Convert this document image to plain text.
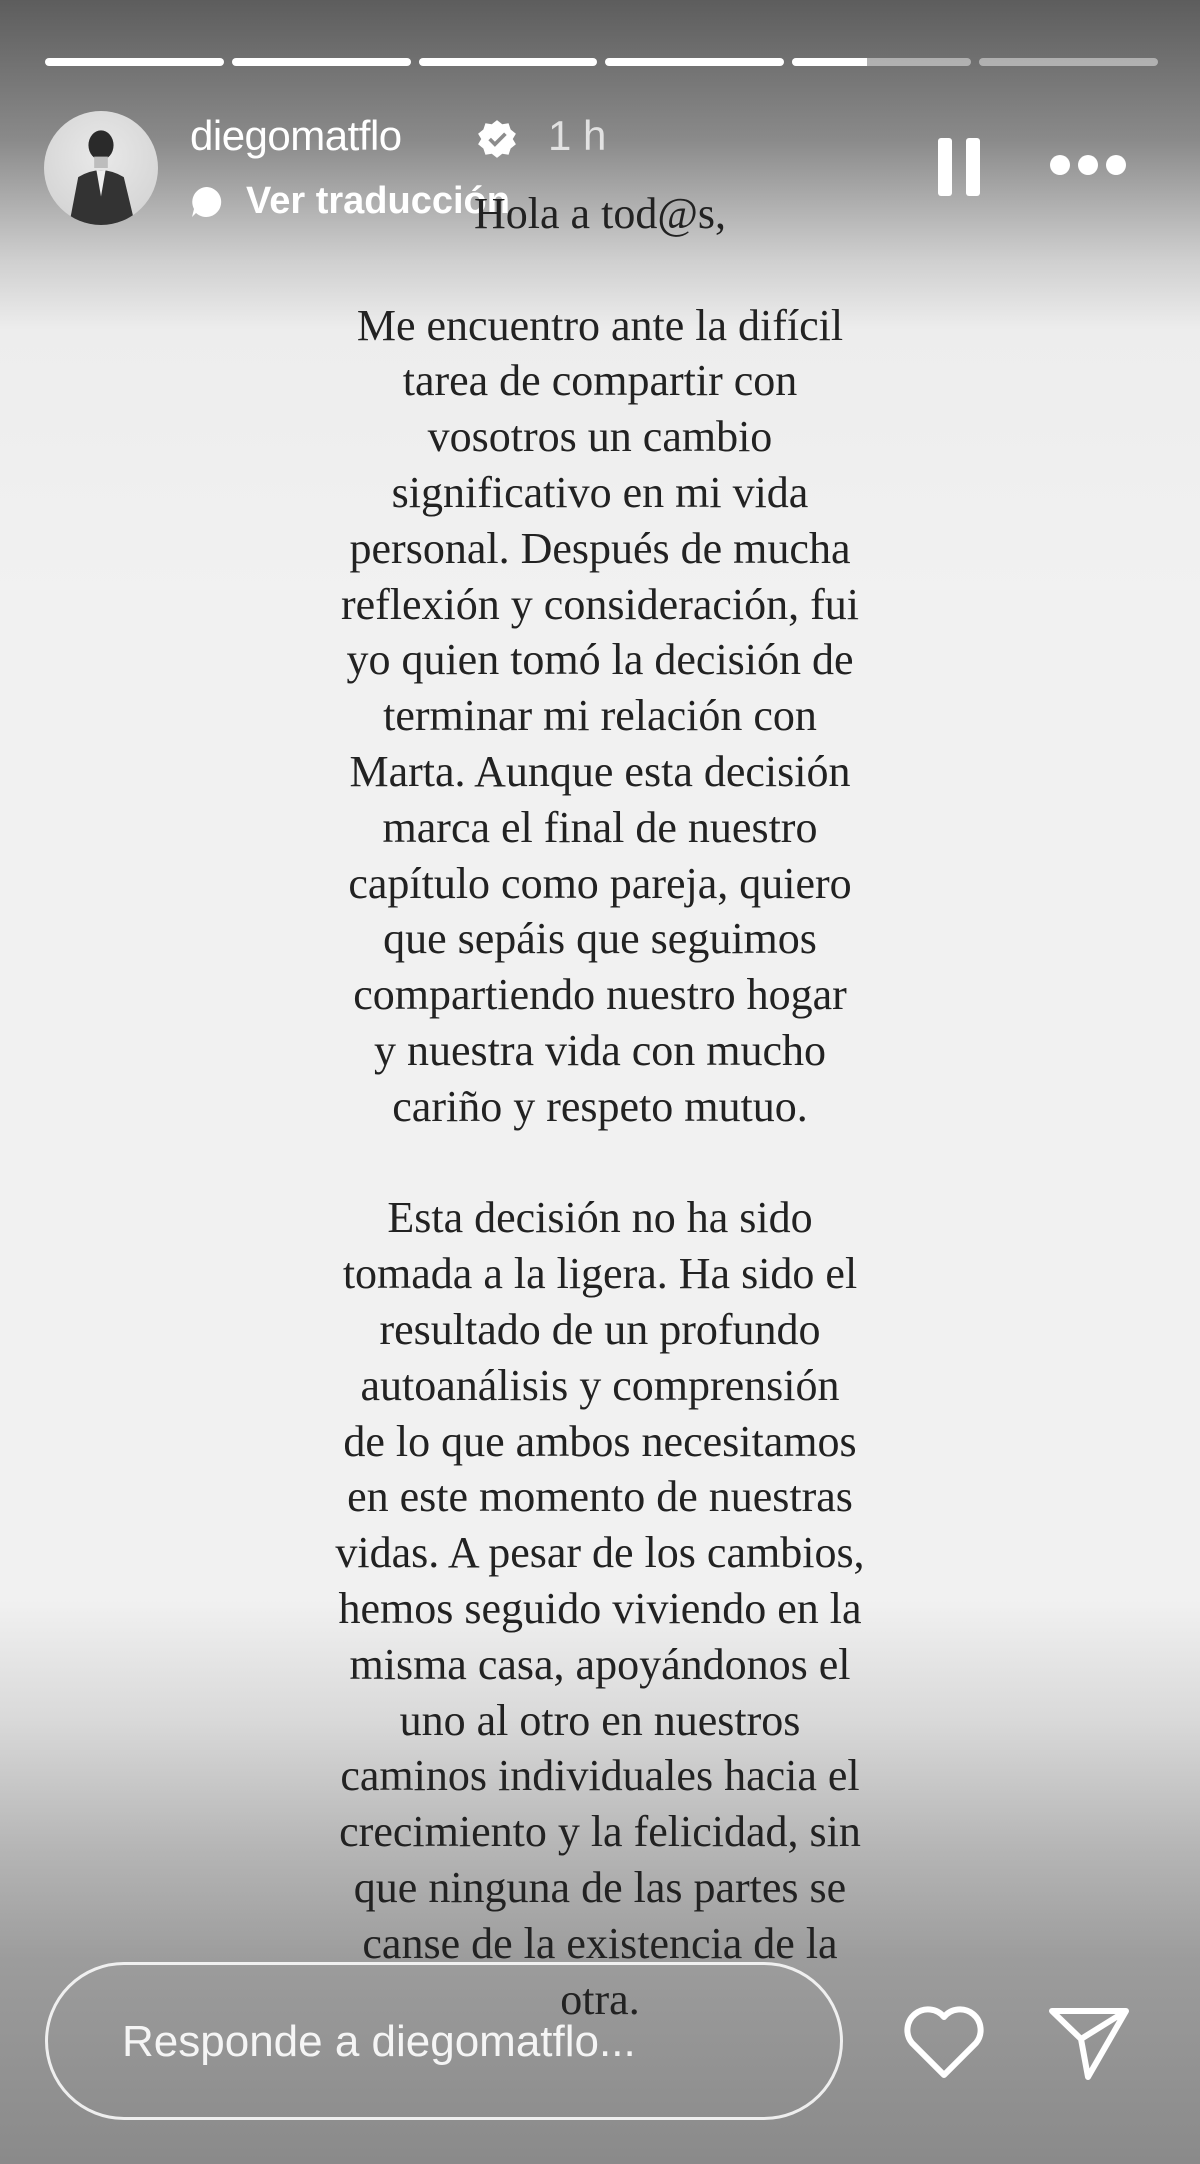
diegomatflo	1 h
Ver traducción

Hola a tod@s,

Me encuentro ante la difícil

tarea de compartir con

vosotros un cambio

significativo en mi vida

personal. Después de mucha

reflexión y consideración, fui

yo quien tomó la decisión de

terminar mi relación con

Marta. Aunque esta decisión

marca el final de nuestro

capítulo como pareja, quiero

que sepáis que seguimos

compartiendo nuestro hogar

y nuestra vida con mucho

cariño y respeto mutuo.

Esta decisión no ha sido

tomada a la ligera. Ha sido el

resultado de un profundo

autoanálisis y comprensión

de lo que ambos necesitamos

en este momento de nuestras

vidas. A pesar de los cambios,

hemos seguido viviendo en la

misma casa, apoyándonos el

uno al otro en nuestros

caminos individuales hacia el

crecimiento y la felicidad, sin

que ninguna de las partes se

canse de la existencia de la

otra.

Responde a diegomatflo...
